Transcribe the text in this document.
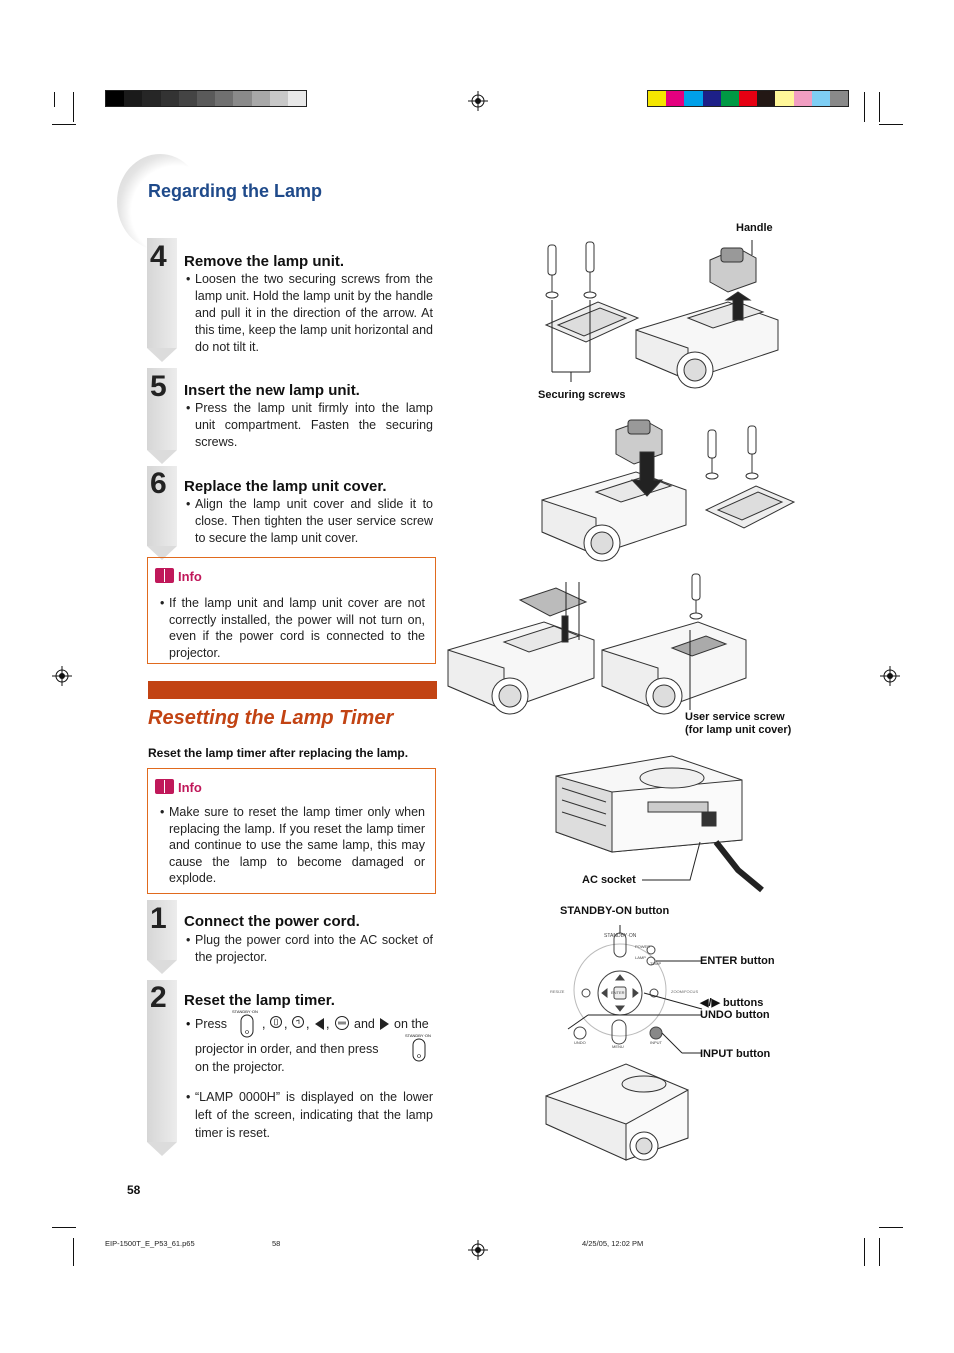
Regarding the Lamp
4 Remove the lamp unit.
• Loosen the two securing screws from the lamp unit. Hold the lamp unit by the handle and pull it in the direction of the arrow. At this time, keep the lamp unit horizontal and do not tilt it.
5 Insert the new lamp unit.
• Press the lamp unit firmly into the lamp unit compartment. Fasten the securing screws.
6 Replace the lamp unit cover.
• Align the lamp unit cover and slide it to close. Then tighten the user service screw to secure the lamp unit cover.
Info
• If the lamp unit and lamp unit cover are not correctly installed, the power will not turn on, even if the power cord is connected to the projector.
Resetting the Lamp Timer
Reset the lamp timer after replacing the lamp.
Info
• Make sure to reset the lamp timer only when replacing the lamp. If you reset the lamp timer and continue to use the same lamp, this may cause the lamp to become damaged or explode.
1 Connect the power cord.
• Plug the power cord into the AC socket of the projector.
2 Reset the lamp timer.
• Press
STANDBY·ON
, , , , and on the
projector in order, and then press
STANDBY·ON
on the projector.
• “LAMP 0000H” is displayed on the lower left of the screen, indicating that the lamp timer is reset.
58
EIP-1500T_E_P53_61.p65	58	4/25/05, 12:02 PM
Handle
Securing screws
User service screw
(for lamp unit cover)
AC socket
STANDBY-ON button
STANDBY·ON
POWER
LAMP
TEMP
RESIZE	ENTER	ZOOM/FOCUS
UNDO
MENU
INPUT
ENTER button
◀/▶ buttons
UNDO button
INPUT button
